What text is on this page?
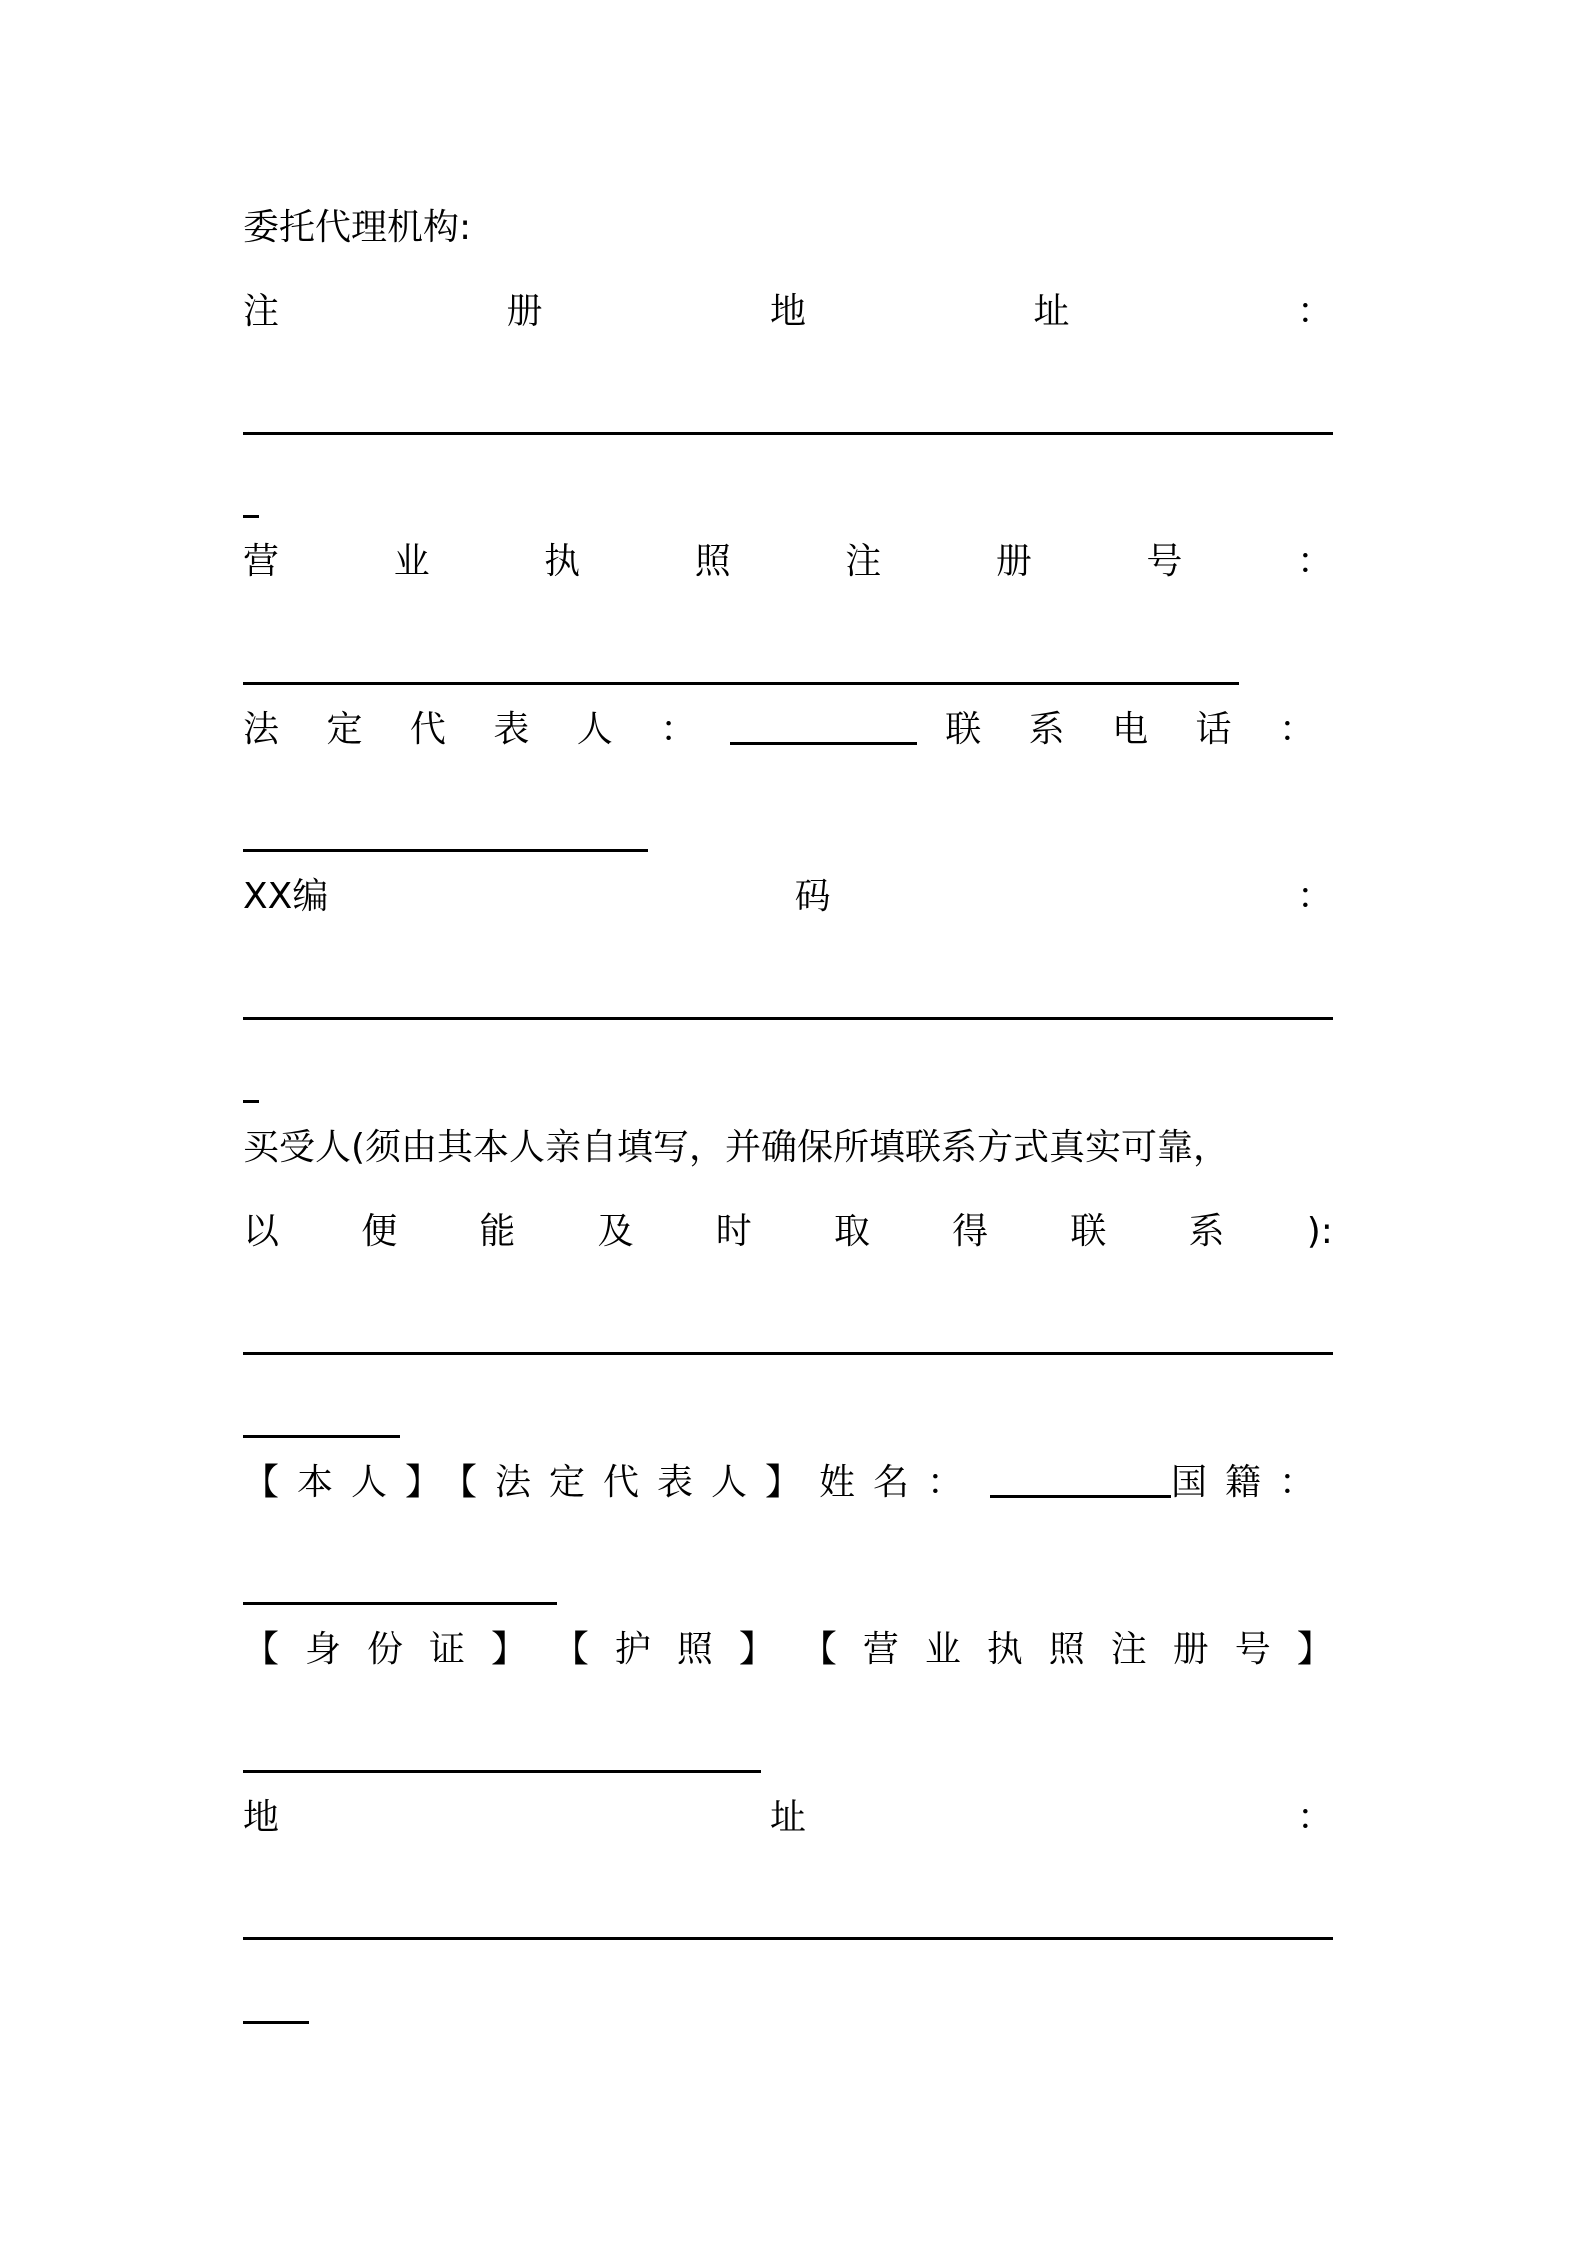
委托代理机构:
注	册	地	址	：
营	业	执	照	注	册	号	：
法 定 代 表 人 ：	联 系 电 话 ：
XX编	码	：
买受人(须由其本人亲自填写，并确保所填联系方式真实可靠，
以 便 能 及 时 取 得 联 系 ):
【本人】【法定代表人】姓名：	国籍：
【 身 份 证 】 【 护 照 】 【 营 业 执 照 注 册 号 】
地	址	：
